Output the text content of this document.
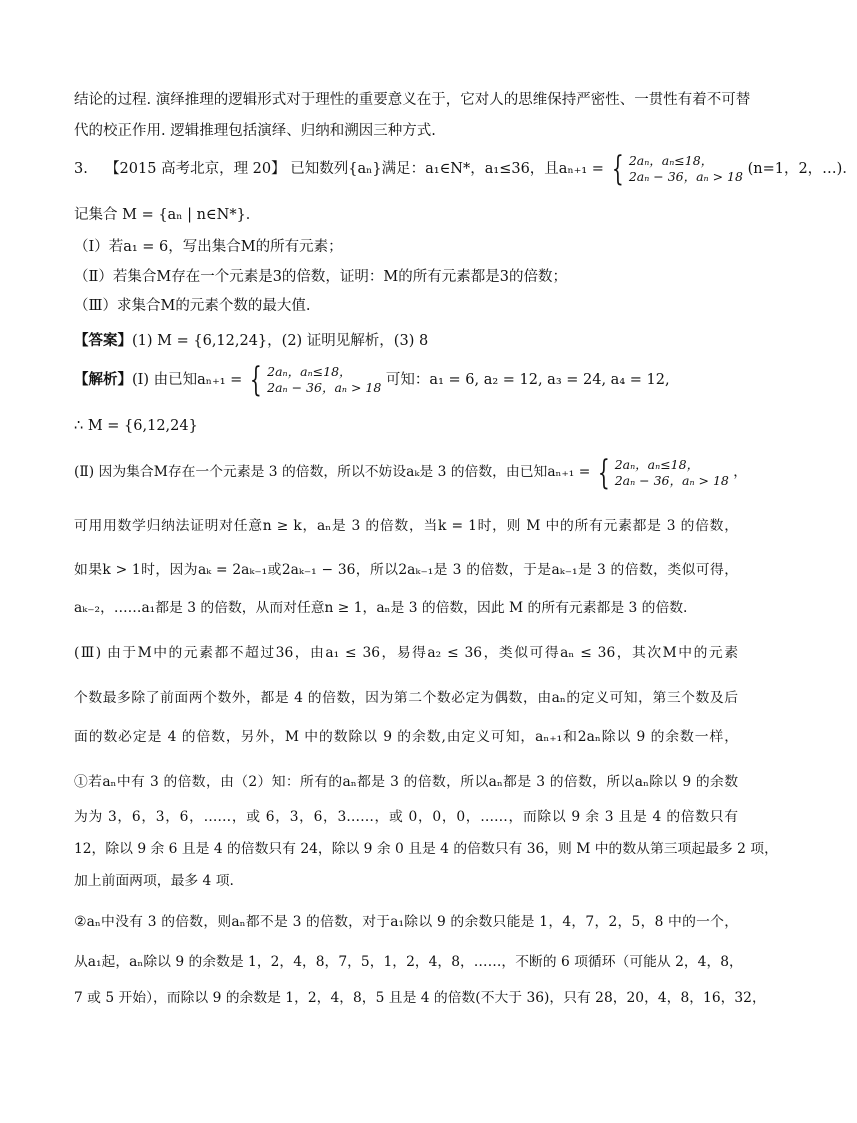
结论的过程. 演绎推理的逻辑形式对于理性的重要意义在于，它对人的思维保持严密性、一贯性有着不可替
代的校正作用. 逻辑推理包括演绎、归纳和溯因三种方式.
3. 【2015 高考北京，理 20】 已知数列{aₙ}满足：a₁∈N*，a₁≤36，且aₙ₊₁ = { 2aₙ，aₙ≤18，
2aₙ − 36，aₙ > 18 (n=1，2，…)．
记集合 M = {aₙ | n∈N*}．
（Ⅰ）若a₁ = 6，写出集合M的所有元素；
（Ⅱ）若集合M存在一个元素是3的倍数，证明：M的所有元素都是3的倍数；
（Ⅲ）求集合M的元素个数的最大值.
【答案】(1) M = {6,12,24}，(2) 证明见解析，(3) 8
【解析】(Ⅰ) 由已知aₙ₊₁ = { 2aₙ，aₙ≤18，
2aₙ − 36，aₙ > 18 可知：a₁ = 6, a₂ = 12, a₃ = 24, a₄ = 12,
∴ M = {6,12,24}
(Ⅱ) 因为集合M存在一个元素是 3 的倍数，所以不妨设aₖ是 3 的倍数，由已知aₙ₊₁ = { 2aₙ，aₙ≤18，
2aₙ − 36，aₙ > 18 ，
可用用数学归纳法证明对任意n ≥ k，aₙ是 3 的倍数，当k = 1时，则 M 中的所有元素都是 3 的倍数，
如果k > 1时，因为aₖ = 2aₖ₋₁或2aₖ₋₁ − 36，所以2aₖ₋₁是 3 的倍数，于是aₖ₋₁是 3 的倍数，类似可得，
aₖ₋₂，……a₁都是 3 的倍数，从而对任意n ≥ 1，aₙ是 3 的倍数，因此 M 的所有元素都是 3 的倍数.
(Ⅲ) 由于M中的元素都不超过36，由a₁ ≤ 36，易得a₂ ≤ 36，类似可得aₙ ≤ 36，其次M中的元素
个数最多除了前面两个数外，都是 4 的倍数，因为第二个数必定为偶数，由aₙ的定义可知，第三个数及后
面的数必定是 4 的倍数，另外，M 中的数除以 9 的余数,由定义可知，aₙ₊₁和2aₙ除以 9 的余数一样，
①若aₙ中有 3 的倍数，由（2）知：所有的aₙ都是 3 的倍数，所以aₙ都是 3 的倍数，所以aₙ除以 9 的余数
为为 3，6，3，6，……，或 6，3，6，3……，或 0，0，0，……，而除以 9 余 3 且是 4 的倍数只有
12，除以 9 余 6 且是 4 的倍数只有 24，除以 9 余 0 且是 4 的倍数只有 36，则 M 中的数从第三项起最多 2 项，
加上前面两项，最多 4 项.
②aₙ中没有 3 的倍数，则aₙ都不是 3 的倍数，对于a₁除以 9 的余数只能是 1，4，7，2，5，8 中的一个，
从a₁起，aₙ除以 9 的余数是 1，2，4，8，7，5，1，2，4，8，……，不断的 6 项循环（可能从 2，4，8，
7 或 5 开始），而除以 9 的余数是 1，2，4，8，5 且是 4 的倍数(不大于 36)，只有 28，20，4，8，16，32，
